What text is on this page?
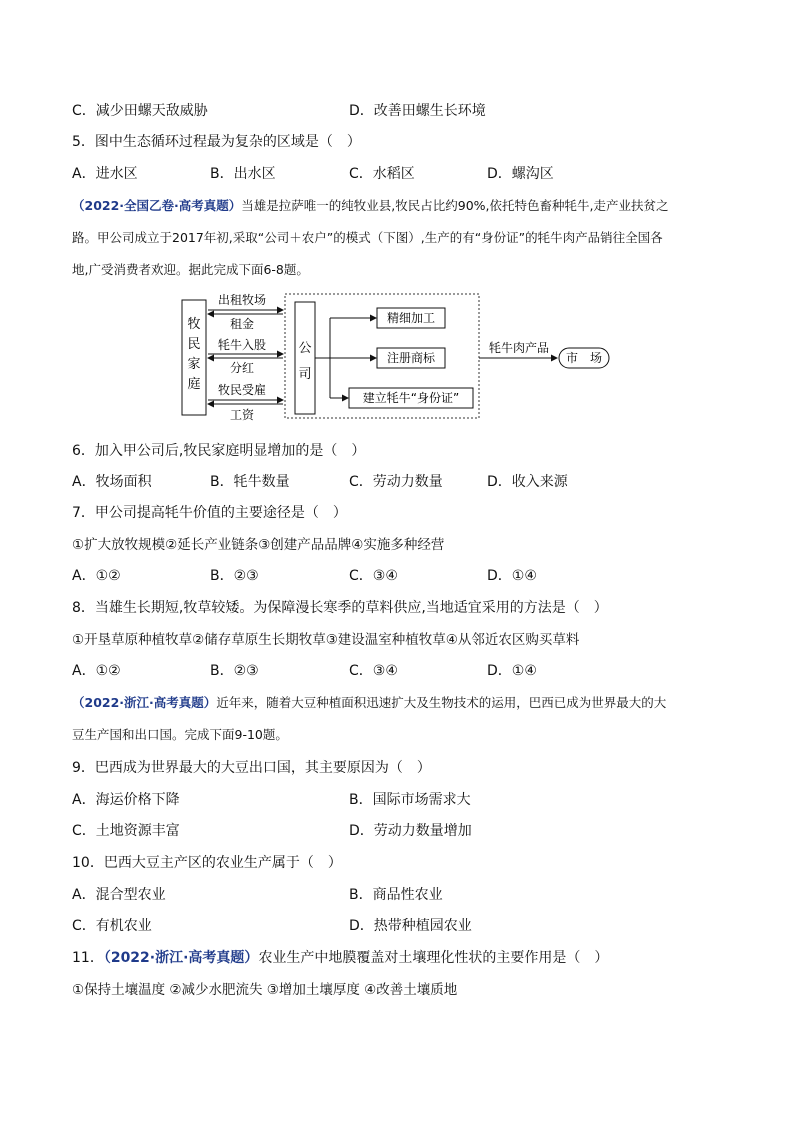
C．减少田螺天敌威胁	D．改善田螺生长环境
5．图中生态循环过程最为复杂的区域是（　）
A．进水区	B．出水区	C．水稻区	D．螺沟区
（2022·全国乙卷·高考真题）当雄是拉萨唯一的纯牧业县,牧民占比约90%,依托特色畜种牦牛,走产业扶贫之
路。甲公司成立于2017年初,采取“公司＋农户”的模式（下图）,生产的有“身份证”的牦牛肉产品销往全国各
地,广受消费者欢迎。据此完成下面6-8题。
牧
民
家
庭
公
司
出租牧场
租金
牦牛入股
分红
牧民受雇
工资
精细加工
注册商标
建立牦牛“身份证”
牦牛肉产品
市　场
6．加入甲公司后,牧民家庭明显增加的是（　）
A．牧场面积	B．牦牛数量	C．劳动力数量	D．收入来源
7．甲公司提高牦牛价值的主要途径是（　）
①扩大放牧规模②延长产业链条③创建产品品牌④实施多种经营
A．①②	B．②③	C．③④	D．①④
8．当雄生长期短,牧草较矮。为保障漫长寒季的草料供应,当地适宜采用的方法是（　）
①开垦草原种植牧草②储存草原生长期牧草③建设温室种植牧草④从邻近农区购买草料
A．①②	B．②③	C．③④	D．①④
（2022·浙江·高考真题）近年来，随着大豆种植面积迅速扩大及生物技术的运用，巴西已成为世界最大的大
豆生产国和出口国。完成下面9-10题。
9．巴西成为世界最大的大豆出口国，其主要原因为（　）
A．海运价格下降	B．国际市场需求大
C．土地资源丰富	D．劳动力数量增加
10．巴西大豆主产区的农业生产属于（　）
A．混合型农业	B．商品性农业
C．有机农业	D．热带种植园农业
11．（2022·浙江·高考真题）农业生产中地膜覆盖对土壤理化性状的主要作用是（　）
①保持土壤温度 ②减少水肥流失 ③增加土壤厚度 ④改善土壤质地
